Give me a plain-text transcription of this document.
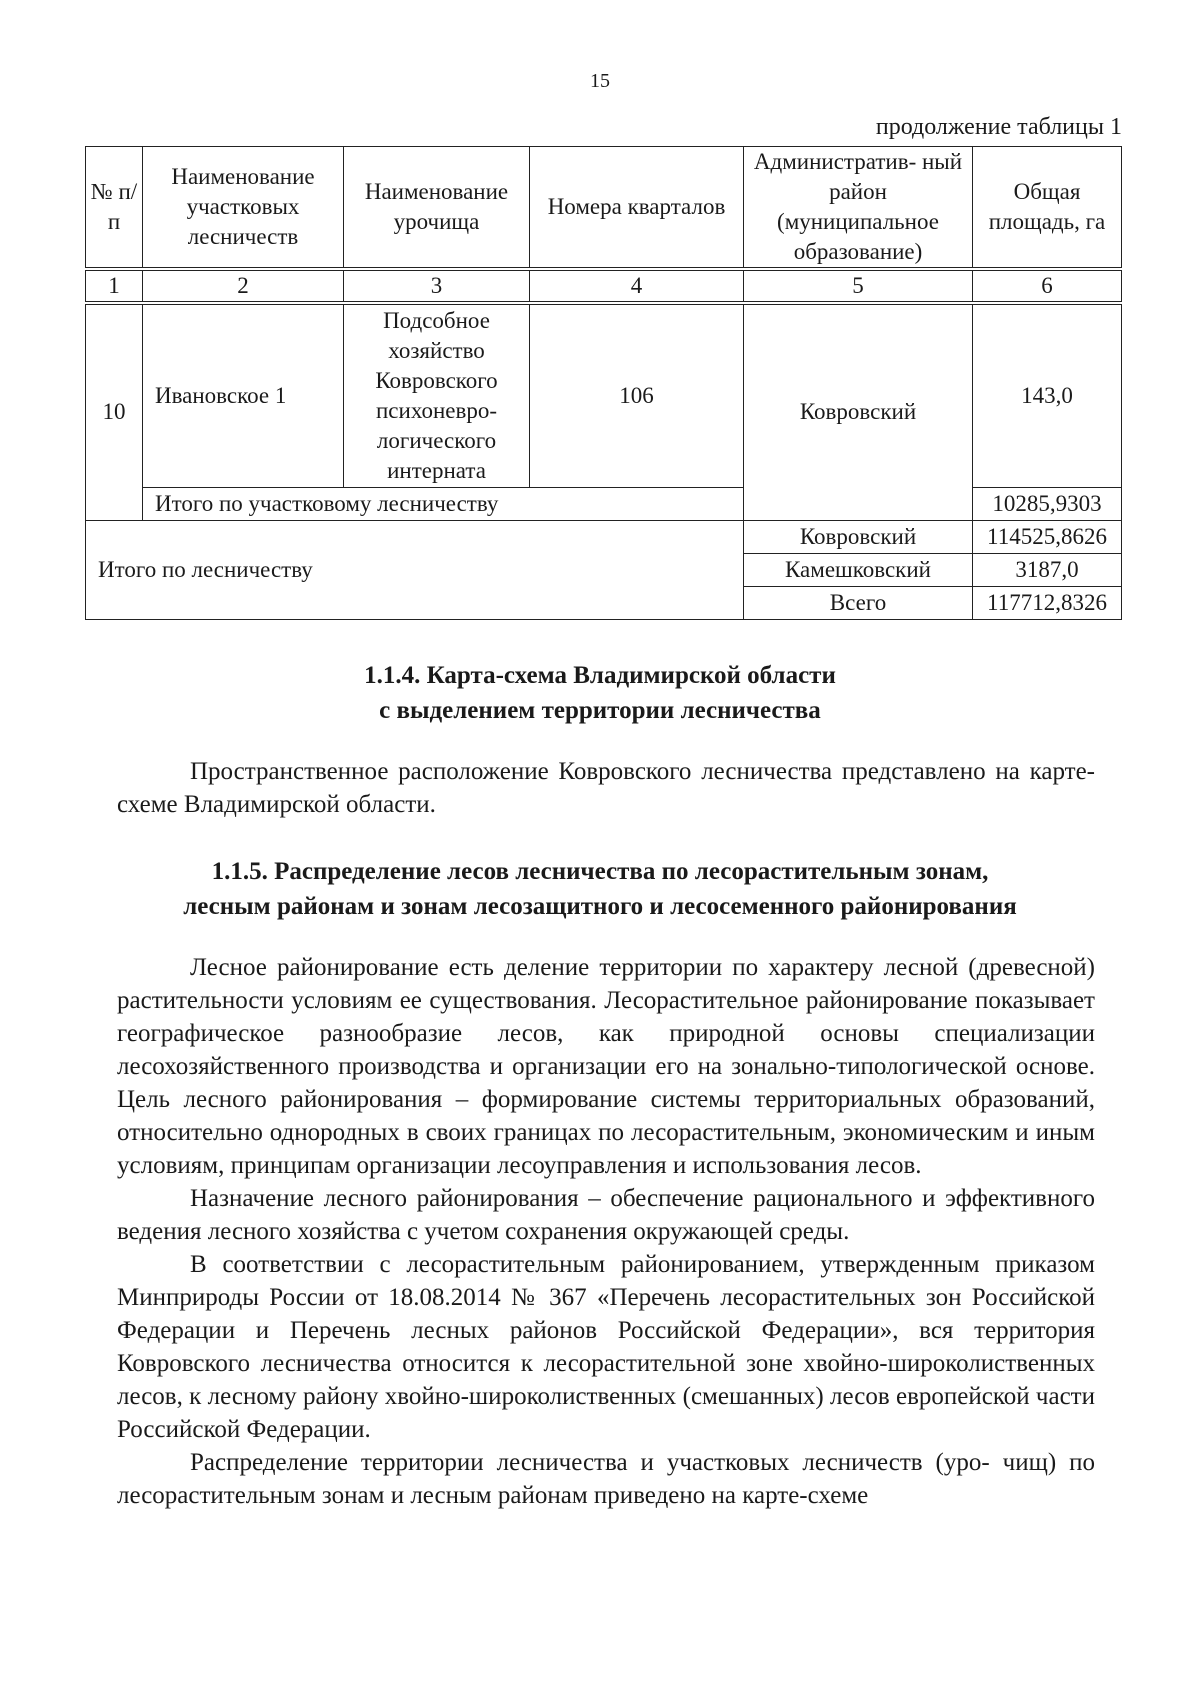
15
продолжение таблицы 1
№ п/п	Наименование участковых лесничеств	Наименование урочища	Номера кварталов	Административ- ный район (муниципальное образование)	Общая площадь, га
1	2	3	4	5	6
10	Ивановское 1	Подсобное хозяйство Ковровского психоневро- логического интерната	106	Ковровский	143,0
	Итого по участковому лесничеству				10285,9303
Итого по лесничеству				Ковровский	114525,8626
				Камешковский	3187,0
				Всего	117712,8326
1.1.4. Карта-схема Владимирской области
с выделением территории лесничества
Пространственное расположение Ковровского лесничества представлено на карте-схеме Владимирской области.
1.1.5. Распределение лесов лесничества по лесорастительным зонам,
лесным районам и зонам лесозащитного и лесосеменного районирования

Лесное районирование есть деление территории по характеру лесной (древесной) растительности условиям ее существования. Лесорастительное районирование показывает географическое разнообразие лесов, как природной основы специализации лесохозяйственного производства и организации его на зонально-типологической основе. Цель лесного районирования – формирование системы территориальных образований, относительно однородных в своих границах по лесорастительным, экономическим и иным условиям, принципам организации лесоуправления и использования лесов.

Назначение лесного районирования – обеспечение рационального и эффективного ведения лесного хозяйства с учетом сохранения окружающей среды.

В соответствии с лесорастительным районированием, утвержденным приказом Минприроды России от 18.08.2014 № 367 «Перечень лесорастительных зон Российской Федерации и Перечень лесных районов Российской Федерации», вся территория Ковровского лесничества относится к лесорастительной зоне хвойно-широколиственных лесов, к лесному району хвойно-широколиственных (смешанных) лесов европейской части Российской Федерации.

Распределение территории лесничества и участковых лесничеств (уро- чищ) по лесорастительным зонам и лесным районам приведено на карте-схеме
